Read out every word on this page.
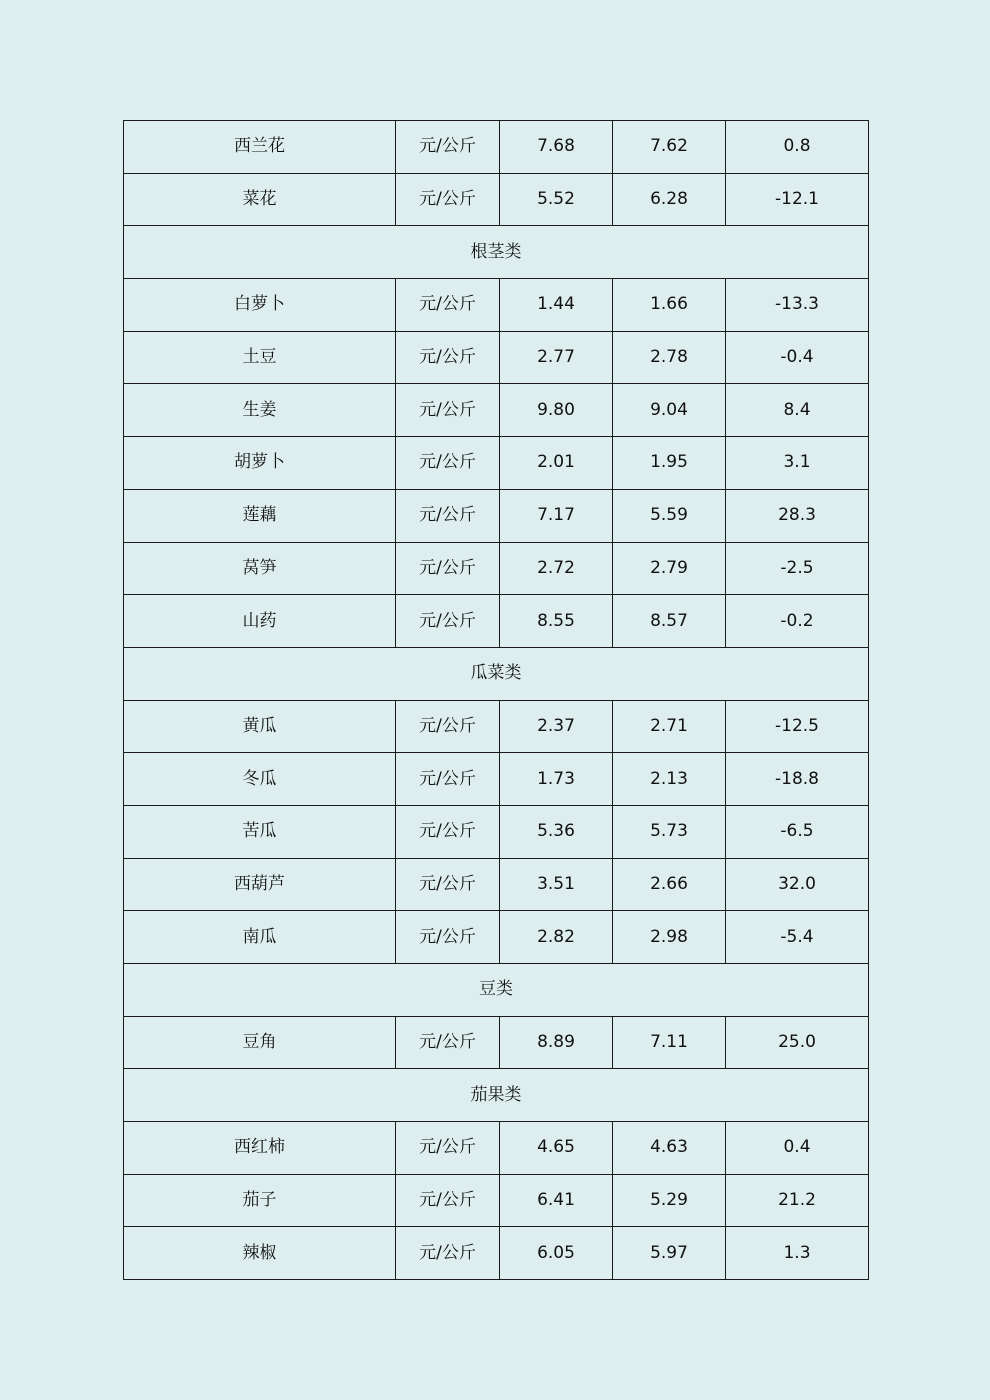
西兰花	元/公斤	7.68	7.62	0.8
菜花	元/公斤	5.52	6.28	-12.1
根茎类				
白萝卜	元/公斤	1.44	1.66	-13.3
土豆	元/公斤	2.77	2.78	-0.4
生姜	元/公斤	9.80	9.04	8.4
胡萝卜	元/公斤	2.01	1.95	3.1
莲藕	元/公斤	7.17	5.59	28.3
莴笋	元/公斤	2.72	2.79	-2.5
山药	元/公斤	8.55	8.57	-0.2
瓜菜类				
黄瓜	元/公斤	2.37	2.71	-12.5
冬瓜	元/公斤	1.73	2.13	-18.8
苦瓜	元/公斤	5.36	5.73	-6.5
西葫芦	元/公斤	3.51	2.66	32.0
南瓜	元/公斤	2.82	2.98	-5.4
豆类				
豆角	元/公斤	8.89	7.11	25.0
茄果类				
西红柿	元/公斤	4.65	4.63	0.4
茄子	元/公斤	6.41	5.29	21.2
辣椒	元/公斤	6.05	5.97	1.3
